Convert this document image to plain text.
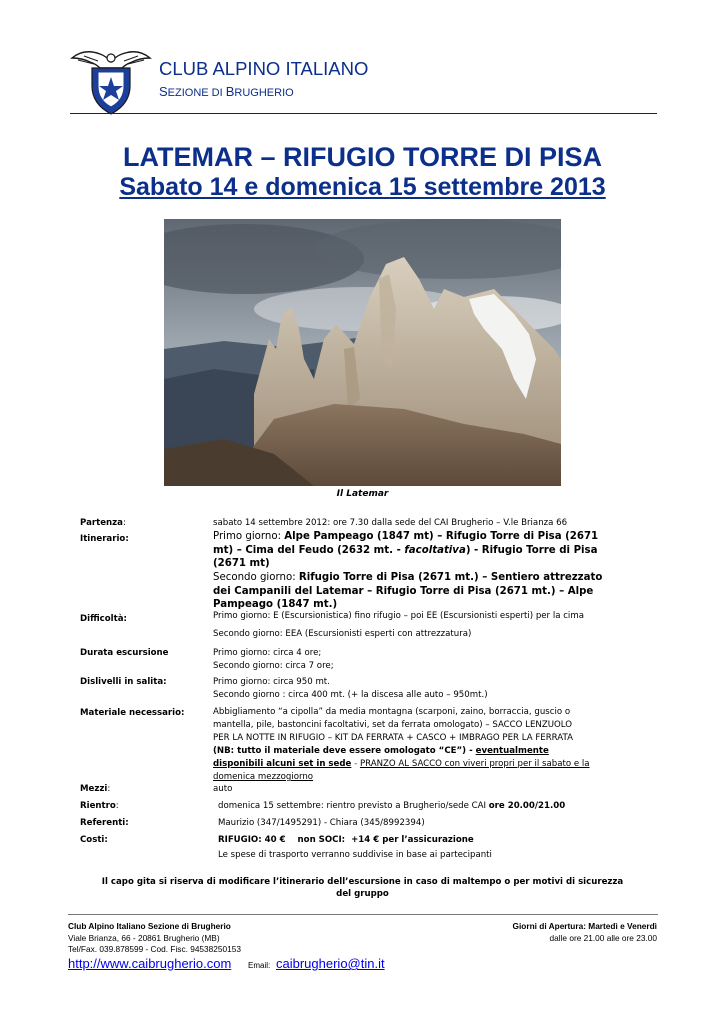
CLUB ALPINO ITALIANO
SEZIONE DI BRUGHERIO
LATEMAR – RIFUGIO TORRE DI PISA
Sabato 14 e domenica 15 settembre 2013
Il Latemar
Partenza:	sabato 14 settembre 2012: ore 7.30 dalla sede del CAI Brugherio – V.le Brianza 66
Itinerario:	Primo giorno: Alpe Pampeago (1847 mt) – Rifugio Torre di Pisa (2671
mt) – Cima del Feudo (2632 mt. - facoltativa) - Rifugio Torre di Pisa
(2671 mt)
Secondo giorno: Rifugio Torre di Pisa (2671 mt.) – Sentiero attrezzato
dei Campanili del Latemar – Rifugio Torre di Pisa (2671 mt.) – Alpe
Pampeago (1847 mt.)
Difficoltà:	Primo giorno: E (Escursionistica) fino rifugio – poi EE (Escursionisti esperti) per la cima
Secondo giorno: EEA (Escursionisti esperti con attrezzatura)
Durata escursione	Primo giorno: circa 4 ore;
Secondo giorno: circa 7 ore;
Dislivelli in salita:	Primo giorno: circa 950 mt.
Secondo giorno : circa 400 mt. (+ la discesa alle auto – 950mt.)
Materiale necessario:	Abbigliamento “a cipolla” da media montagna (scarponi, zaino, borraccia, guscio o
mantella, pile, bastoncini facoltativi, set da ferrata omologato) – SACCO LENZUOLO
PER LA NOTTE IN RIFUGIO – KIT DA FERRATA + CASCO + IMBRAGO PER LA FERRATA
(NB: tutto il materiale deve essere omologato “CE”) - eventualmente
disponibili alcuni set in sede - PRANZO AL SACCO con viveri propri per il sabato e la
domenica mezzogiorno
Mezzi:	auto
Rientro:	domenica 15 settembre: rientro previsto a Brugherio/sede CAI ore 20.00/21.00
Referenti:	Maurizio (347/1495291) - Chiara (345/8992394)
Costi:	RIFUGIO: 40 €    non SOCI:  +14 € per l’assicurazione
Le spese di trasporto verranno suddivise in base ai partecipanti
Il capo gita si riserva di modificare l’itinerario dell’escursione in caso di maltempo o per motivi di sicurezza
del gruppo
Club Alpino Italiano Sezione di Brugherio
Viale Brianza, 66 - 20861 Brugherio (MB)
Tel/Fax. 039.878599 - Cod. Fisc. 94538250153
Giorni di Apertura: Martedì e Venerdì
dalle ore 21.00 alle ore 23.00
http://www.caibrugherio.com Email: caibrugherio@tin.it
